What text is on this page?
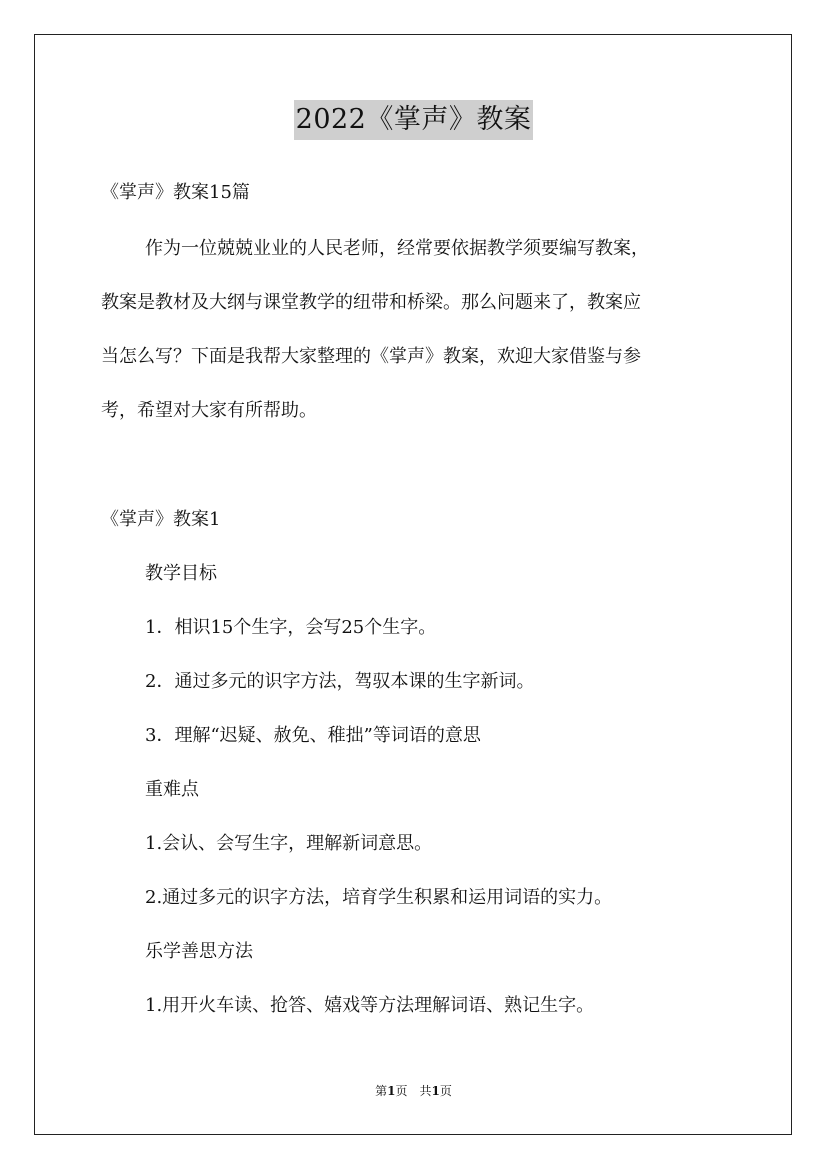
2022《掌声》教案
《掌声》教案15篇
作为一位兢兢业业的人民老师，经常要依据教学须要编写教案，
教案是教材及大纲与课堂教学的纽带和桥梁。那么问题来了，教案应
当怎么写？下面是我帮大家整理的《掌声》教案，欢迎大家借鉴与参
考，希望对大家有所帮助。
《掌声》教案1
教学目标
1．相识15个生字，会写25个生字。
2．通过多元的识字方法，驾驭本课的生字新词。
3．理解“迟疑、赦免、稚拙”等词语的意思
重难点
1.会认、会写生字，理解新词意思。
2.通过多元的识字方法，培育学生积累和运用词语的实力。
乐学善思方法
1.用开火车读、抢答、嬉戏等方法理解词语、熟记生字。
第1页　共1页
